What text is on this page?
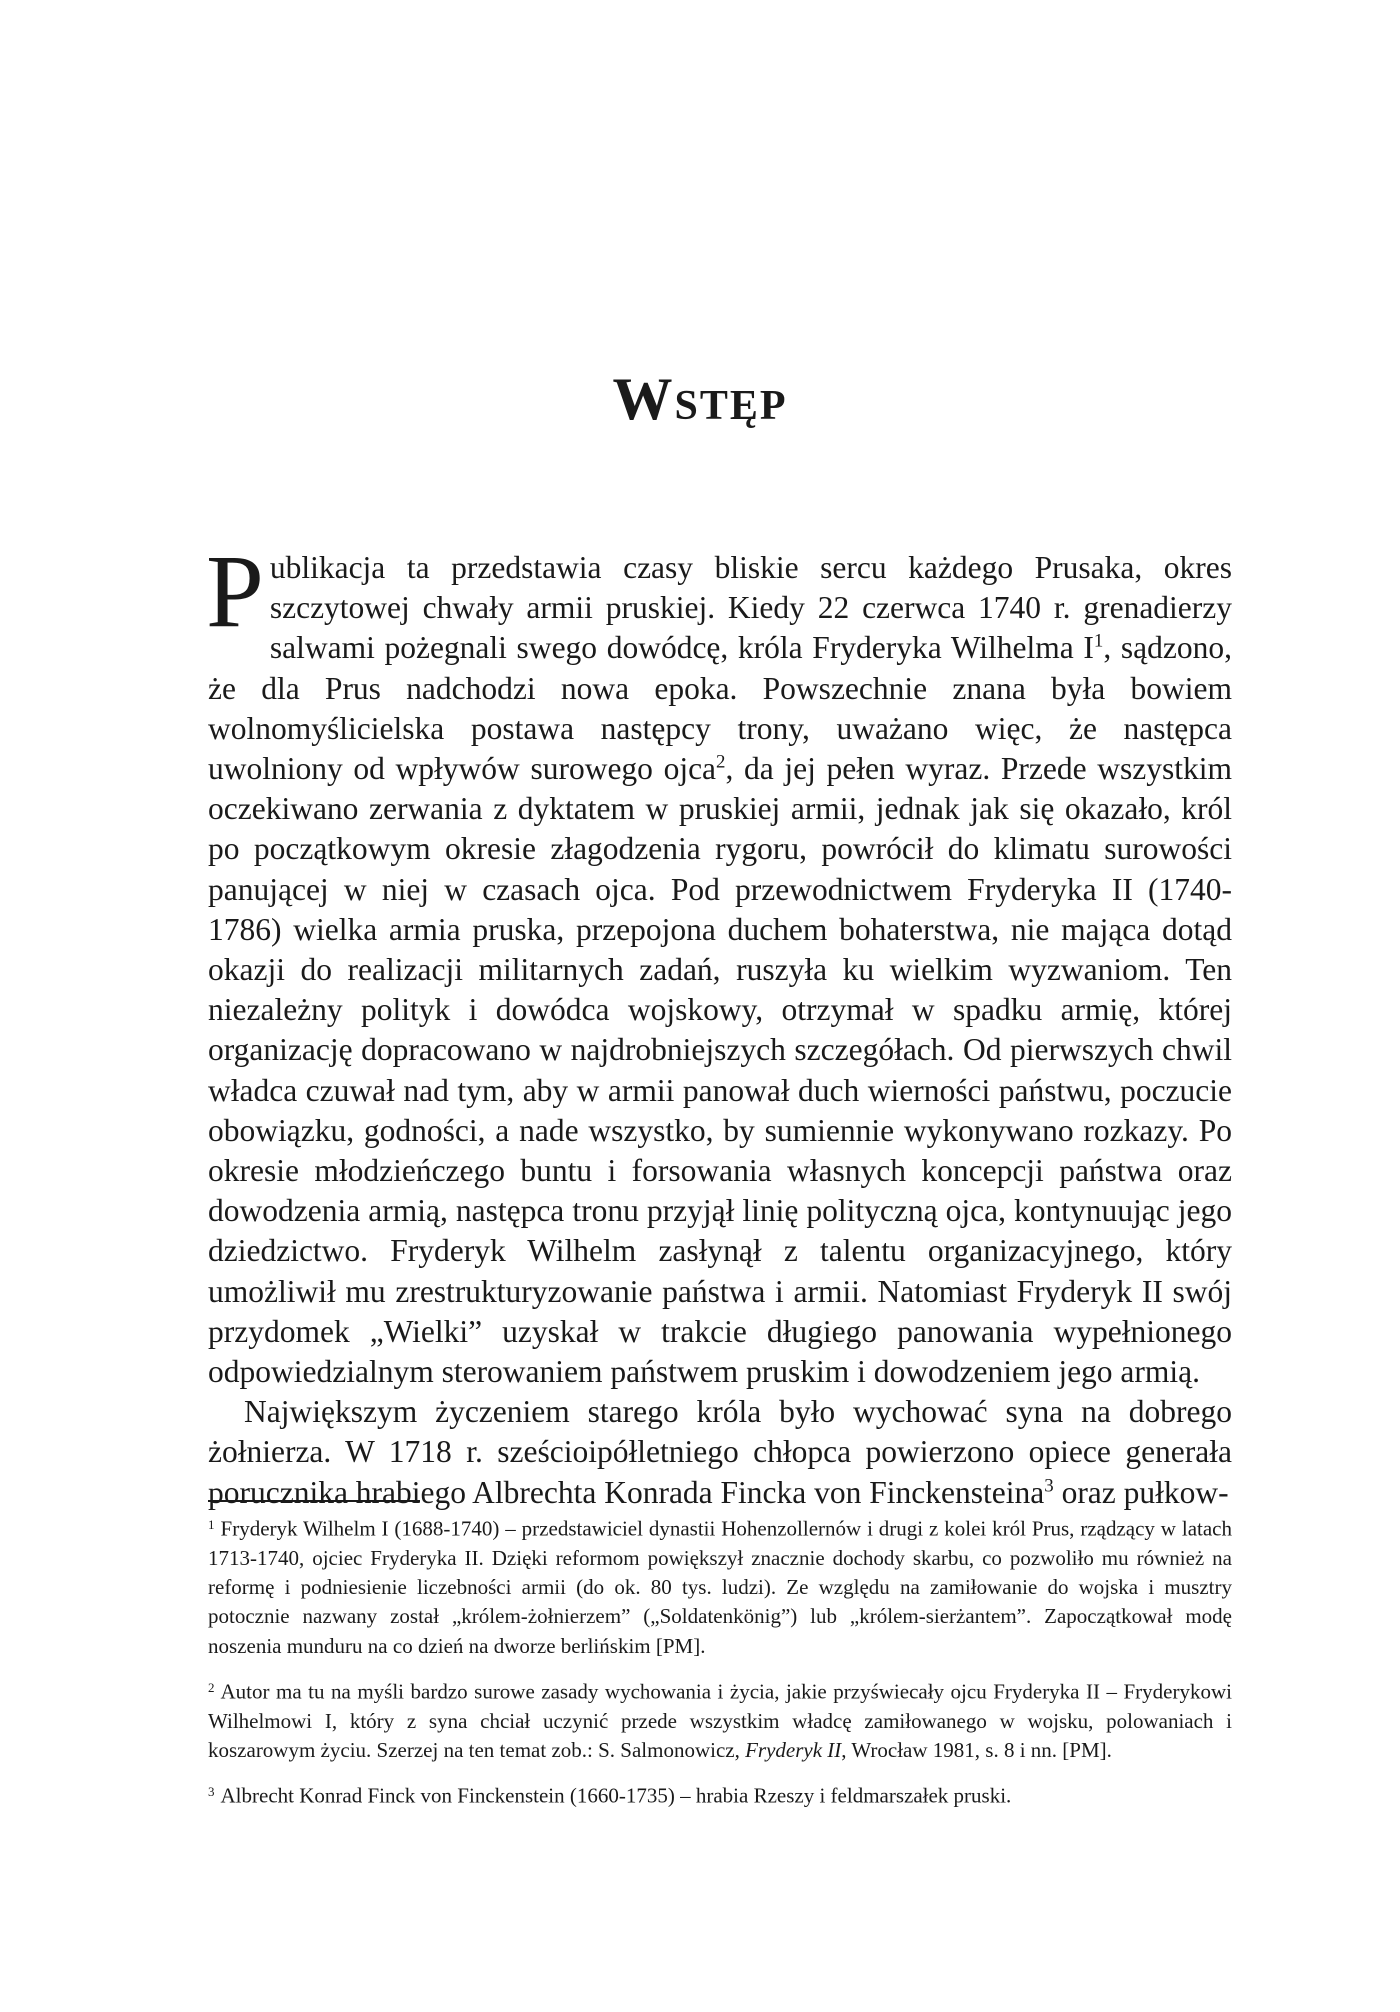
Wstęp

Publikacja ta przedstawia czasy bliskie sercu każdego Prusaka, okres szczytowej chwały armii pruskiej. Kiedy 22 czerwca 1740 r. grenadierzy salwami pożegnali swego dowódcę, króla Fryderyka Wilhelma $I^1$, sądzono, że dla Prus nadchodzi nowa epoka. Powszechnie znana była bowiem wolnomyślicielska postawa następcy trony, uważano więc, że następca uwolniony od wpływów surowego ojca$^2$, da jej pełen wyraz. Przede wszystkim oczekiwano zerwania z dyktatem w pruskiej armii, jednak jak się okazało, król po początkowym okresie złagodzenia rygoru, powrócił do klimatu surowości panującej w niej w czasach ojca. Pod przewodnictwem Fryderyka II (1740-1786) wielka armia pruska, przepojona duchem bohaterstwa, nie mająca dotąd okazji do realizacji militarnych zadań, ruszyła ku wielkim wyzwaniom. Ten niezależny polityk i dowódca wojskowy, otrzymał w spadku armię, której organizację dopracowano w najdrobniejszych szczegółach. Od pierwszych chwil władca czuwał nad tym, aby w armii panował duch wierności państwu, poczucie obowiązku, godności, a nade wszystko, by sumiennie wykonywano rozkazy. Po okresie młodzieńczego buntu i forsowania własnych koncepcji państwa oraz dowodzenia armią, następca tronu przyjął linię polityczną ojca, kontynuując jego dziedzictwo. Fryderyk Wilhelm zasłynął z talentu organizacyjnego, który umożliwił mu zrestrukturyzowanie państwa i armii. Natomiast Fryderyk II swój przydomek „Wielki” uzyskał w trakcie długiego panowania wypełnionego odpowiedzialnym sterowaniem państwem pruskim i dowodzeniem jego armią.

Największym życzeniem starego króla było wychować syna na dobrego żołnierza. W 1718 r. sześcioipółletniego chłopca powierzono opiece generała porucznika hrabiego Albrechta Konrada Fincka von Finckensteina$^3$ oraz pułkow-

$^1$ Fryderyk Wilhelm I (1688-1740) – przedstawiciel dynastii Hohenzollernów i drugi z kolei król Prus, rządzący w latach 1713-1740, ojciec Fryderyka II. Dzięki reformom powiększył znacznie dochody skarbu, co pozwoliło mu również na reformę i podniesienie liczebności armii (do ok. 80 tys. ludzi). Ze względu na zamiłowanie do wojska i musztry potocznie nazwany został „królem-żołnierzem” („Soldatenkönig”) lub „królem-sierżantem”. Zapoczątkował modę noszenia munduru na co dzień na dworze berlińskim [PM].

$^2$ Autor ma tu na myśli bardzo surowe zasady wychowania i życia, jakie przyświecały ojcu Fryderyka II – Fryderykowi Wilhelmowi I, który z syna chciał uczynić przede wszystkim władcę zamiłowanego w wojsku, polowaniach i koszarowym życiu. Szerzej na ten temat zob.: S. Salmonowicz, Fryderyk II, Wrocław 1981, s. 8 i nn. [PM].

$^3$ Albrecht Konrad Finck von Finckenstein (1660-1735) – hrabia Rzeszy i feldmarszałek pruski.
